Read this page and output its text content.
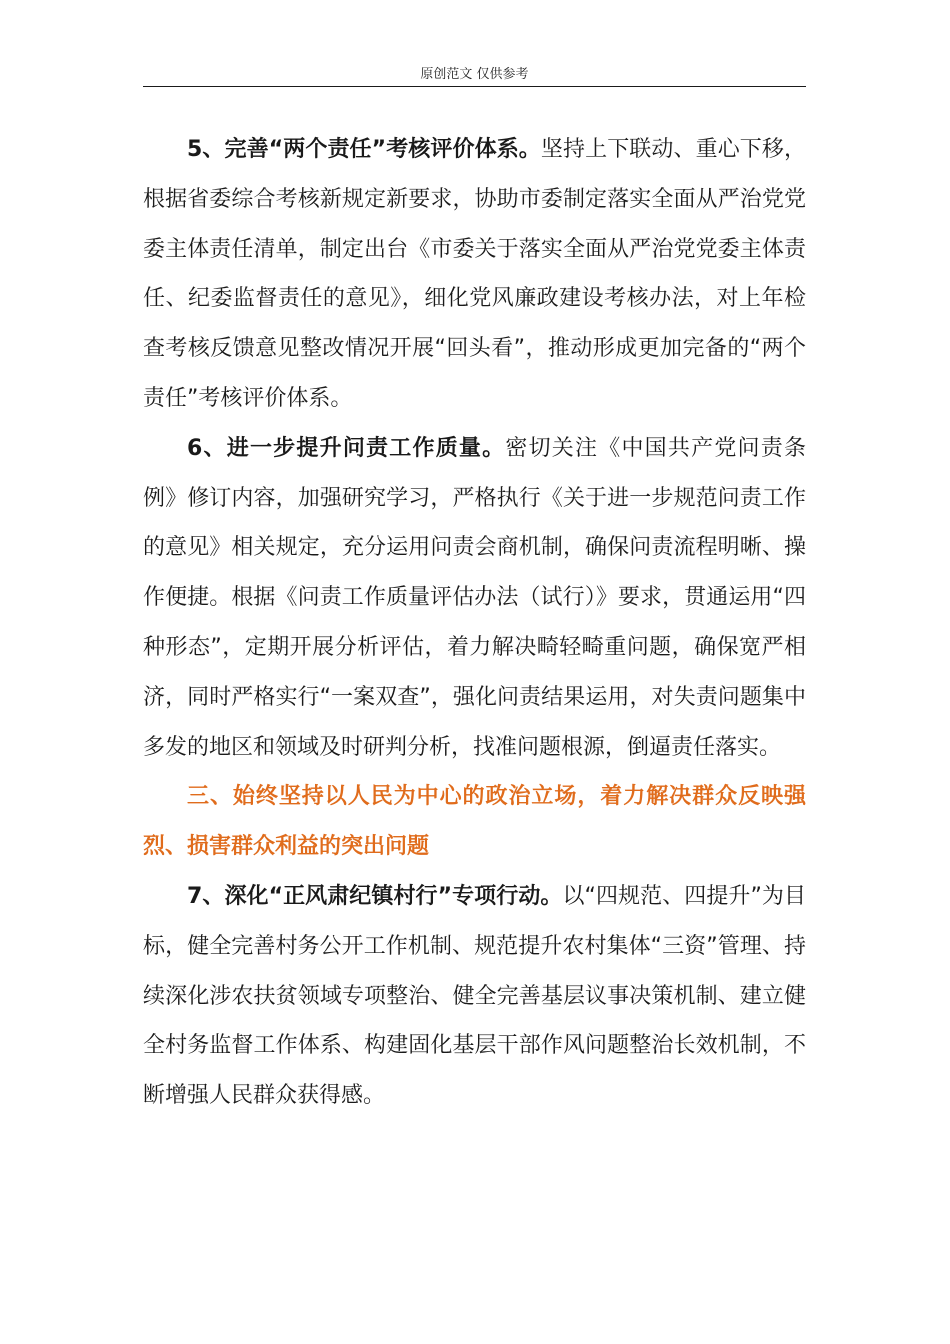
原创范文 仅供参考

5、完善“两个责任”考核评价体系。坚持上下联动、重心下移，根据省委综合考核新规定新要求，协助市委制定落实全面从严治党党委主体责任清单，制定出台《市委关于落实全面从严治党党委主体责任、纪委监督责任的意见》，细化党风廉政建设考核办法，对上年检查考核反馈意见整改情况开展“回头看”，推动形成更加完备的“两个责任”考核评价体系。

6、进一步提升问责工作质量。密切关注《中国共产党问责条例》修订内容，加强研究学习，严格执行《关于进一步规范问责工作的意见》相关规定，充分运用问责会商机制，确保问责流程明晰、操作便捷。根据《问责工作质量评估办法（试行）》要求，贯通运用“四种形态”，定期开展分析评估，着力解决畸轻畸重问题，确保宽严相济，同时严格实行“一案双查”，强化问责结果运用，对失责问题集中多发的地区和领域及时研判分析，找准问题根源，倒逼责任落实。

三、始终坚持以人民为中心的政治立场，着力解决群众反映强烈、损害群众利益的突出问题

7、深化“正风肃纪镇村行”专项行动。以“四规范、四提升”为目标，健全完善村务公开工作机制、规范提升农村集体“三资”管理、持续深化涉农扶贫领域专项整治、健全完善基层议事决策机制、建立健全村务监督工作体系、构建固化基层干部作风问题整治长效机制，不断增强人民群众获得感。
